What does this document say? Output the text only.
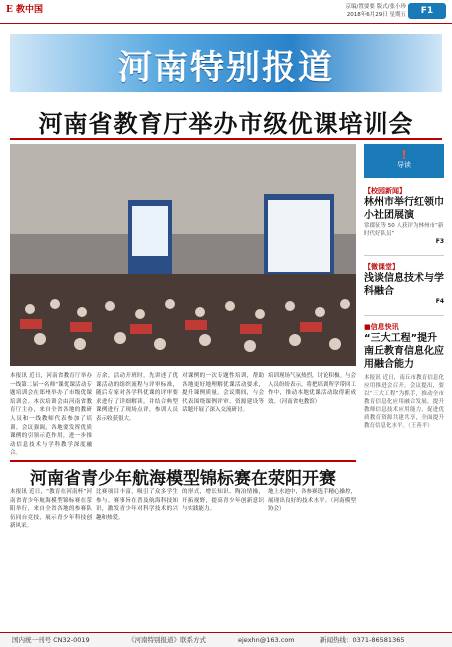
E 教中国	京编/置要要 版式/张小珍
2018年6月29日 星期五	F1
河南特别报道
河南省教育厅举办市级优课培训会
本报讯 近日，河南省教育厅举办一线第二届一名师“课优课活动专题培训会在郑州举办了市级优课培训会。本次培训会由河南省教育厅主办，来自全省各地的教研人员和一线教师代表参加了培训。会议强调，各地要发挥优质课例的引领示范作用，进一步推动信息技术与学科教学深度融合。
万余。活动开班时，先讲述了优课活动的组织流程与评审标准，随后专家对各学科优课的评审要求进行了详细解读，并结合典型课例进行了现场点评，参训人员表示收获很大。
对课例的一次专题性培训，帮助各地更好地理解优课活动要求，提升课例质量。会议期间，与会代表围绕课例评审、资源建设等话题开展了深入交流研讨。
培训现场气氛热烈，讨论积极。与会人员纷纷表示，将把培训所学带回工作中，推动本地优课活动取得新成效。（河南省电教馆）
!
导读
【校园新闻】
林州市举行红领巾小社团展演
常郡征等 50 人获评为林州市“新时代好队员”
F3
【微课堂】
浅谈信息技术与学科融合
F4
■信息快讯
“三大工程”提升南丘教育信息化应用融合能力
本报讯 近日，南丘市教育信息化应用推进会召开。会议提出，要以“三大工程”为抓手，推动全市教育信息化应用融合发展，提升教师信息技术应用能力，促进优质教育资源共建共享，全面提升教育信息化水平。（王善平）
河南省青少年航海模型锦标赛在荥阳开赛
本报讯 近日，“教育在河南杯”河南省青少年航海模型锦标赛在荥阳举行，来自全省各地的参赛队伍同台竞技，展示青少年科技创新风采。
比赛项目丰富，吸引了众多学生参与。赛事旨在普及航海科技知识，激发青少年对科学技术的兴趣和热爱。
的形式，增长知识、陶冶情操，开拓视野，提高青少年创新意识与实践能力。
地上水池中，各参赛选手精心操控，展现出良好的技术水平。（河南模型协会）
国内统一刊号 CN32-0019	《河南特别报道》联系方式	ejexhn@163.com	新闻热线：0371-86581365
